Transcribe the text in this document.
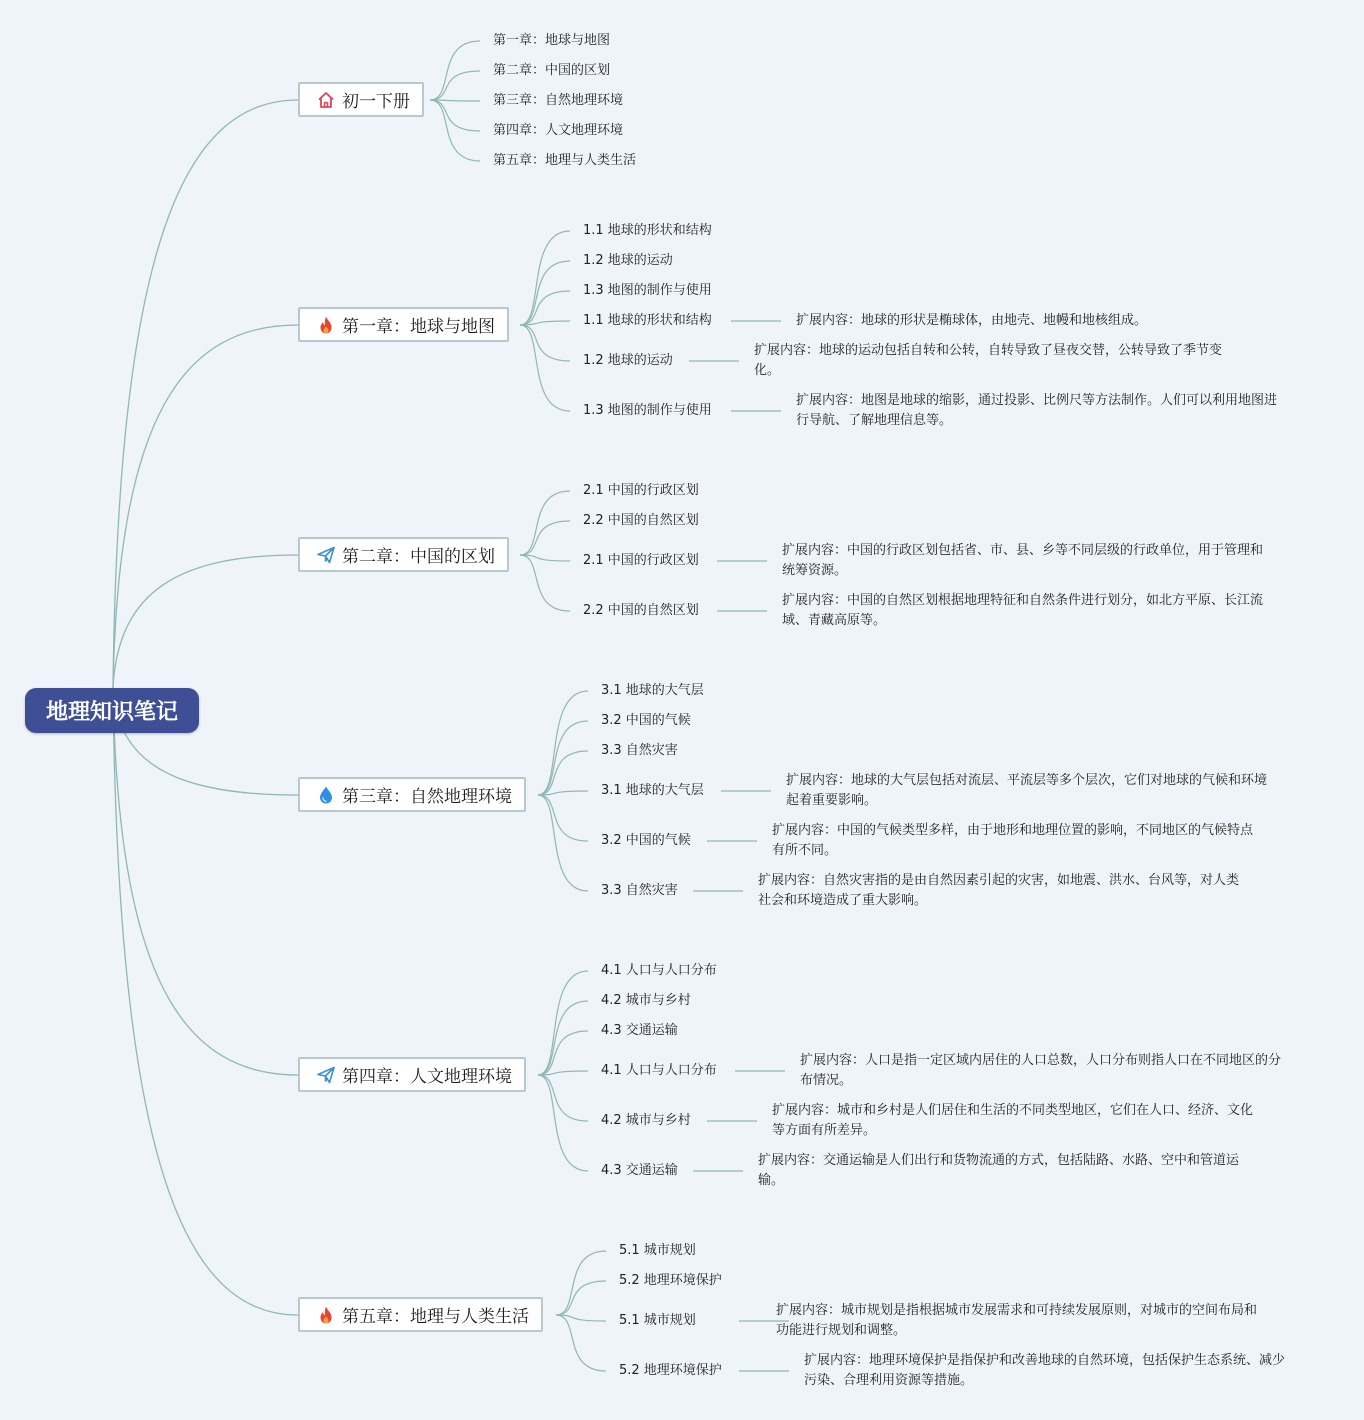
地理知识笔记
初一下册
第一章：地球与地图
第二章：中国的区划
第三章：自然地理环境
第四章：人文地理环境
第五章：地理与人类生活
第一章：地球与地图
第二章：中国的区划
第三章：自然地理环境
第四章：人文地理环境
第五章：地理与人类生活
1.1 地球的形状和结构
1.2 地球的运动
1.3 地图的制作与使用
1.1 地球的形状和结构
1.2 地球的运动
1.3 地图的制作与使用
扩展内容：地球的形状是椭球体，由地壳、地幔和地核组成。
扩展内容：地球的运动包括自转和公转，自转导致了昼夜交替，公转导致了季节变化。
扩展内容：地图是地球的缩影，通过投影、比例尺等方法制作。人们可以利用地图进行导航、了解地理信息等。
2.1 中国的行政区划
2.2 中国的自然区划
2.1 中国的行政区划
2.2 中国的自然区划
扩展内容：中国的行政区划包括省、市、县、乡等不同层级的行政单位，用于管理和统筹资源。
扩展内容：中国的自然区划根据地理特征和自然条件进行划分，如北方平原、长江流域、青藏高原等。
3.1 地球的大气层
3.2 中国的气候
3.3 自然灾害
3.1 地球的大气层
3.2 中国的气候
3.3 自然灾害
扩展内容：地球的大气层包括对流层、平流层等多个层次，它们对地球的气候和环境起着重要影响。
扩展内容：中国的气候类型多样，由于地形和地理位置的影响，不同地区的气候特点有所不同。
扩展内容：自然灾害指的是由自然因素引起的灾害，如地震、洪水、台风等，对人类社会和环境造成了重大影响。
4.1 人口与人口分布
4.2 城市与乡村
4.3 交通运输
4.1 人口与人口分布
4.2 城市与乡村
4.3 交通运输
扩展内容：人口是指一定区域内居住的人口总数，人口分布则指人口在不同地区的分布情况。
扩展内容：城市和乡村是人们居住和生活的不同类型地区，它们在人口、经济、文化等方面有所差异。
扩展内容：交通运输是人们出行和货物流通的方式，包括陆路、水路、空中和管道运输。
5.1 城市规划
5.2 地理环境保护
5.1 城市规划
5.2 地理环境保护
扩展内容：城市规划是指根据城市发展需求和可持续发展原则，对城市的空间布局和功能进行规划和调整。
扩展内容：地理环境保护是指保护和改善地球的自然环境，包括保护生态系统、减少污染、合理利用资源等措施。
